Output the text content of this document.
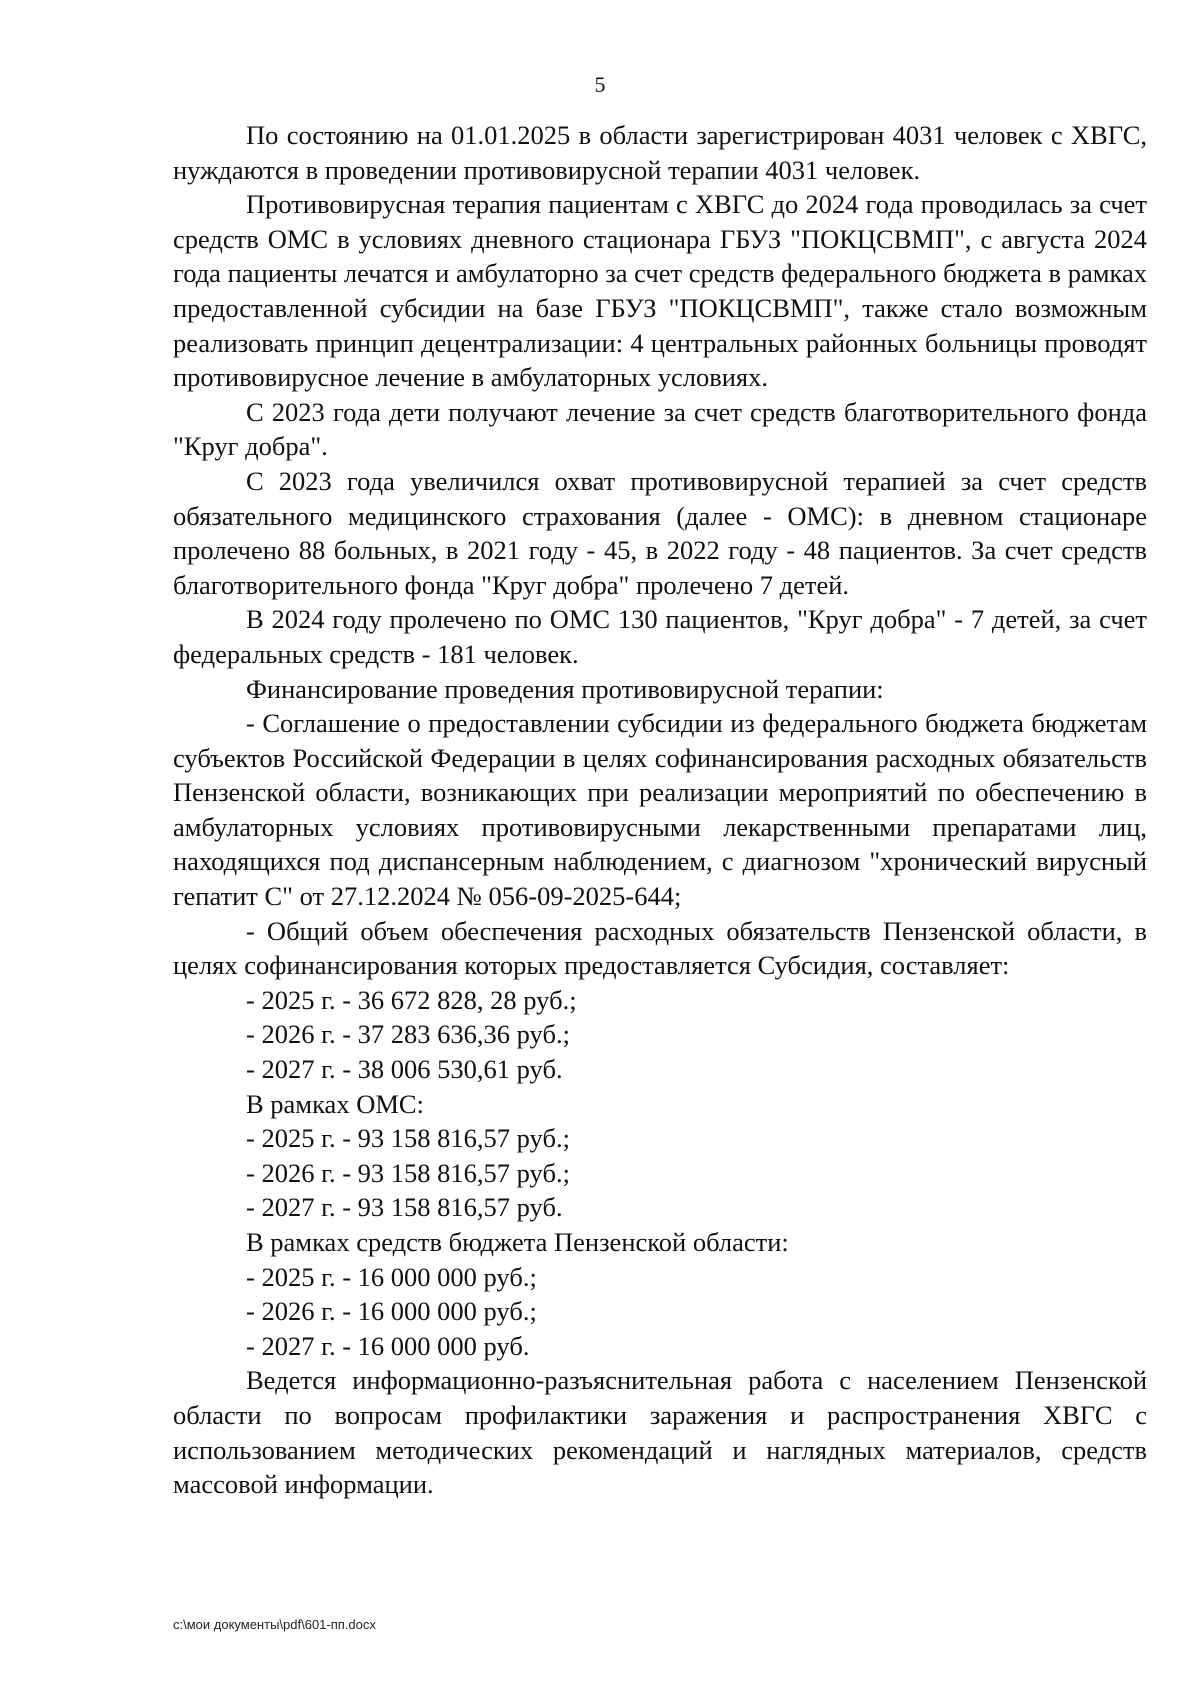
5

По состоянию на 01.01.2025 в области зарегистрирован 4031 человек с ХВГС, нуждаются в проведении противовирусной терапии 4031 человек.

Противовирусная терапия пациентам с ХВГС до 2024 года проводилась за счет средств ОМС в условиях дневного стационара ГБУЗ "ПОКЦСВМП", с августа 2024 года пациенты лечатся и амбулаторно за счет средств федерального бюджета в рамках предоставленной субсидии на базе ГБУЗ "ПОКЦСВМП", также стало возможным реализовать принцип децентрализации: 4 центральных районных больницы проводят противовирусное лечение в амбулаторных условиях.

С 2023 года дети получают лечение за счет средств благотворительного фонда "Круг добра".

С 2023 года увеличился охват противовирусной терапией за счет средств обязательного медицинского страхования (далее - ОМС): в дневном стационаре пролечено 88 больных, в 2021 году - 45, в 2022 году - 48 пациентов. За счет средств благотворительного фонда "Круг добра" пролечено 7 детей.

В 2024 году пролечено по ОМС 130 пациентов, "Круг добра" - 7 детей, за счет федеральных средств - 181 человек.

Финансирование проведения противовирусной терапии:

- Соглашение о предоставлении субсидии из федерального бюджета бюджетам субъектов Российской Федерации в целях софинансирования расходных обязательств Пензенской области, возникающих при реализации мероприятий по обеспечению в амбулаторных условиях противовирусными лекарственными препаратами лиц, находящихся под диспансерным наблюдением, с диагнозом "хронический вирусный гепатит С" от 27.12.2024 № 056-09-2025-644;

- Общий объем обеспечения расходных обязательств Пензенской области, в целях софинансирования которых предоставляется Субсидия, составляет:

- 2025 г. - 36 672 828, 28 руб.;

- 2026 г. - 37 283 636,36 руб.;

- 2027 г. - 38 006 530,61 руб.

В рамках ОМС:

- 2025 г. - 93 158 816,57 руб.;

- 2026 г. - 93 158 816,57 руб.;

- 2027 г. - 93 158 816,57 руб.

В рамках средств бюджета Пензенской области:

- 2025 г. - 16 000 000 руб.;

- 2026 г. - 16 000 000 руб.;

- 2027 г. - 16 000 000 руб.

Ведется информационно-разъяснительная работа с населением Пензенской области по вопросам профилактики заражения и распространения ХВГС с использованием методических рекомендаций и наглядных материалов, средств массовой информации.

c:\мои документы\pdf\601-пп.docx
